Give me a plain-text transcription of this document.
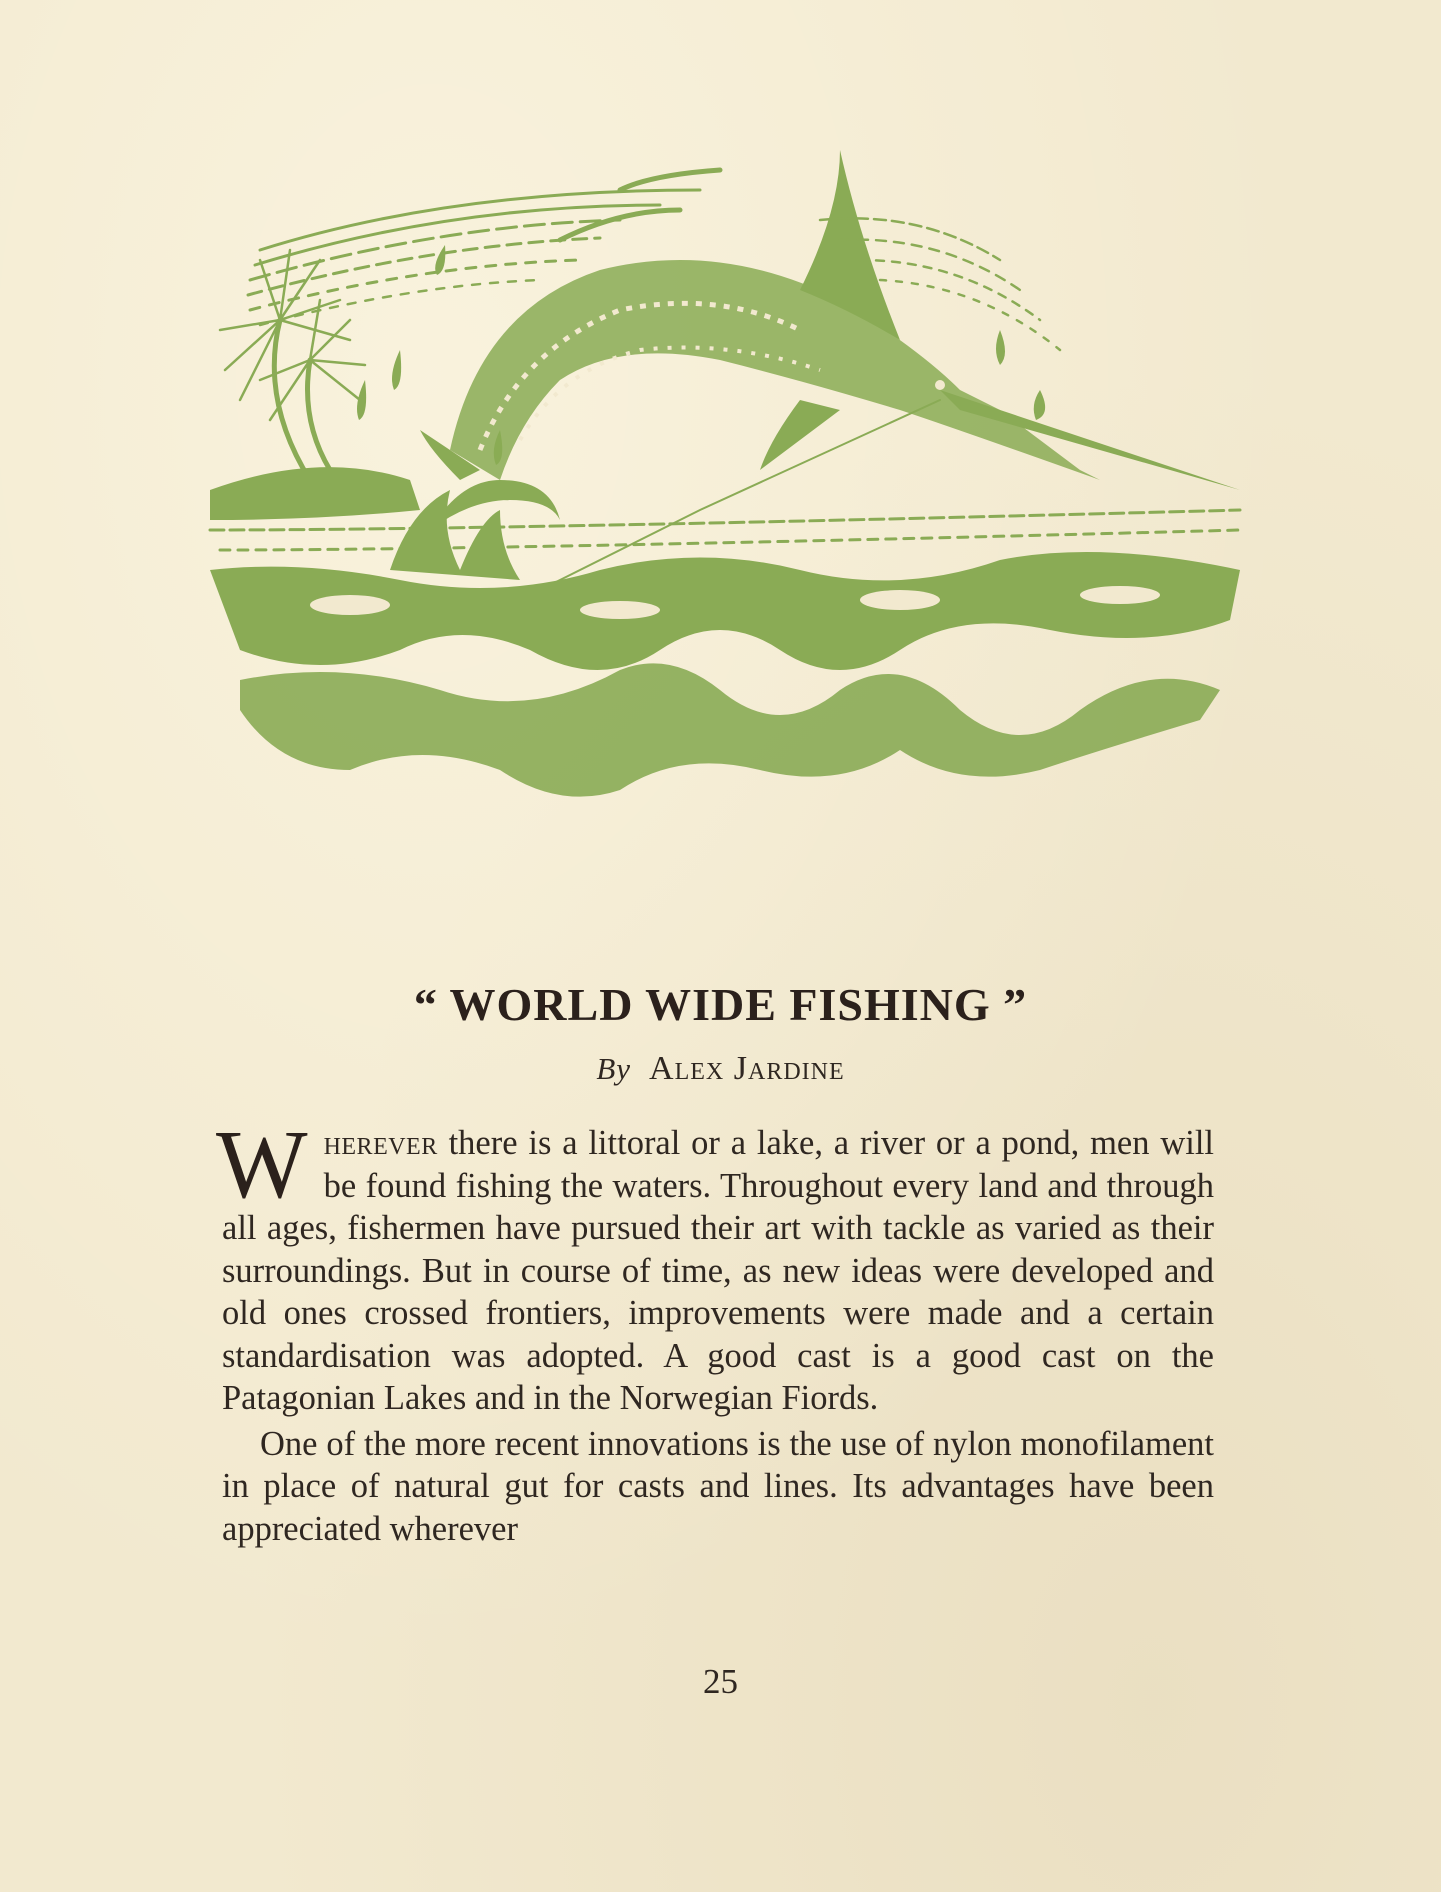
“ WORLD WIDE FISHING ”

By Alex Jardine

Wherever there is a littoral or a lake, a river or a pond, men will be found fishing the waters. Throughout every land and through all ages, fishermen have pursued their art with tackle as varied as their surroundings. But in course of time, as new ideas were developed and old ones crossed frontiers, improvements were made and a certain standardisation was adopted. A good cast is a good cast on the Patagonian Lakes and in the Norwegian Fiords.

One of the more recent innovations is the use of nylon monofilament in place of natural gut for casts and lines. Its advantages have been appreciated wherever

25
